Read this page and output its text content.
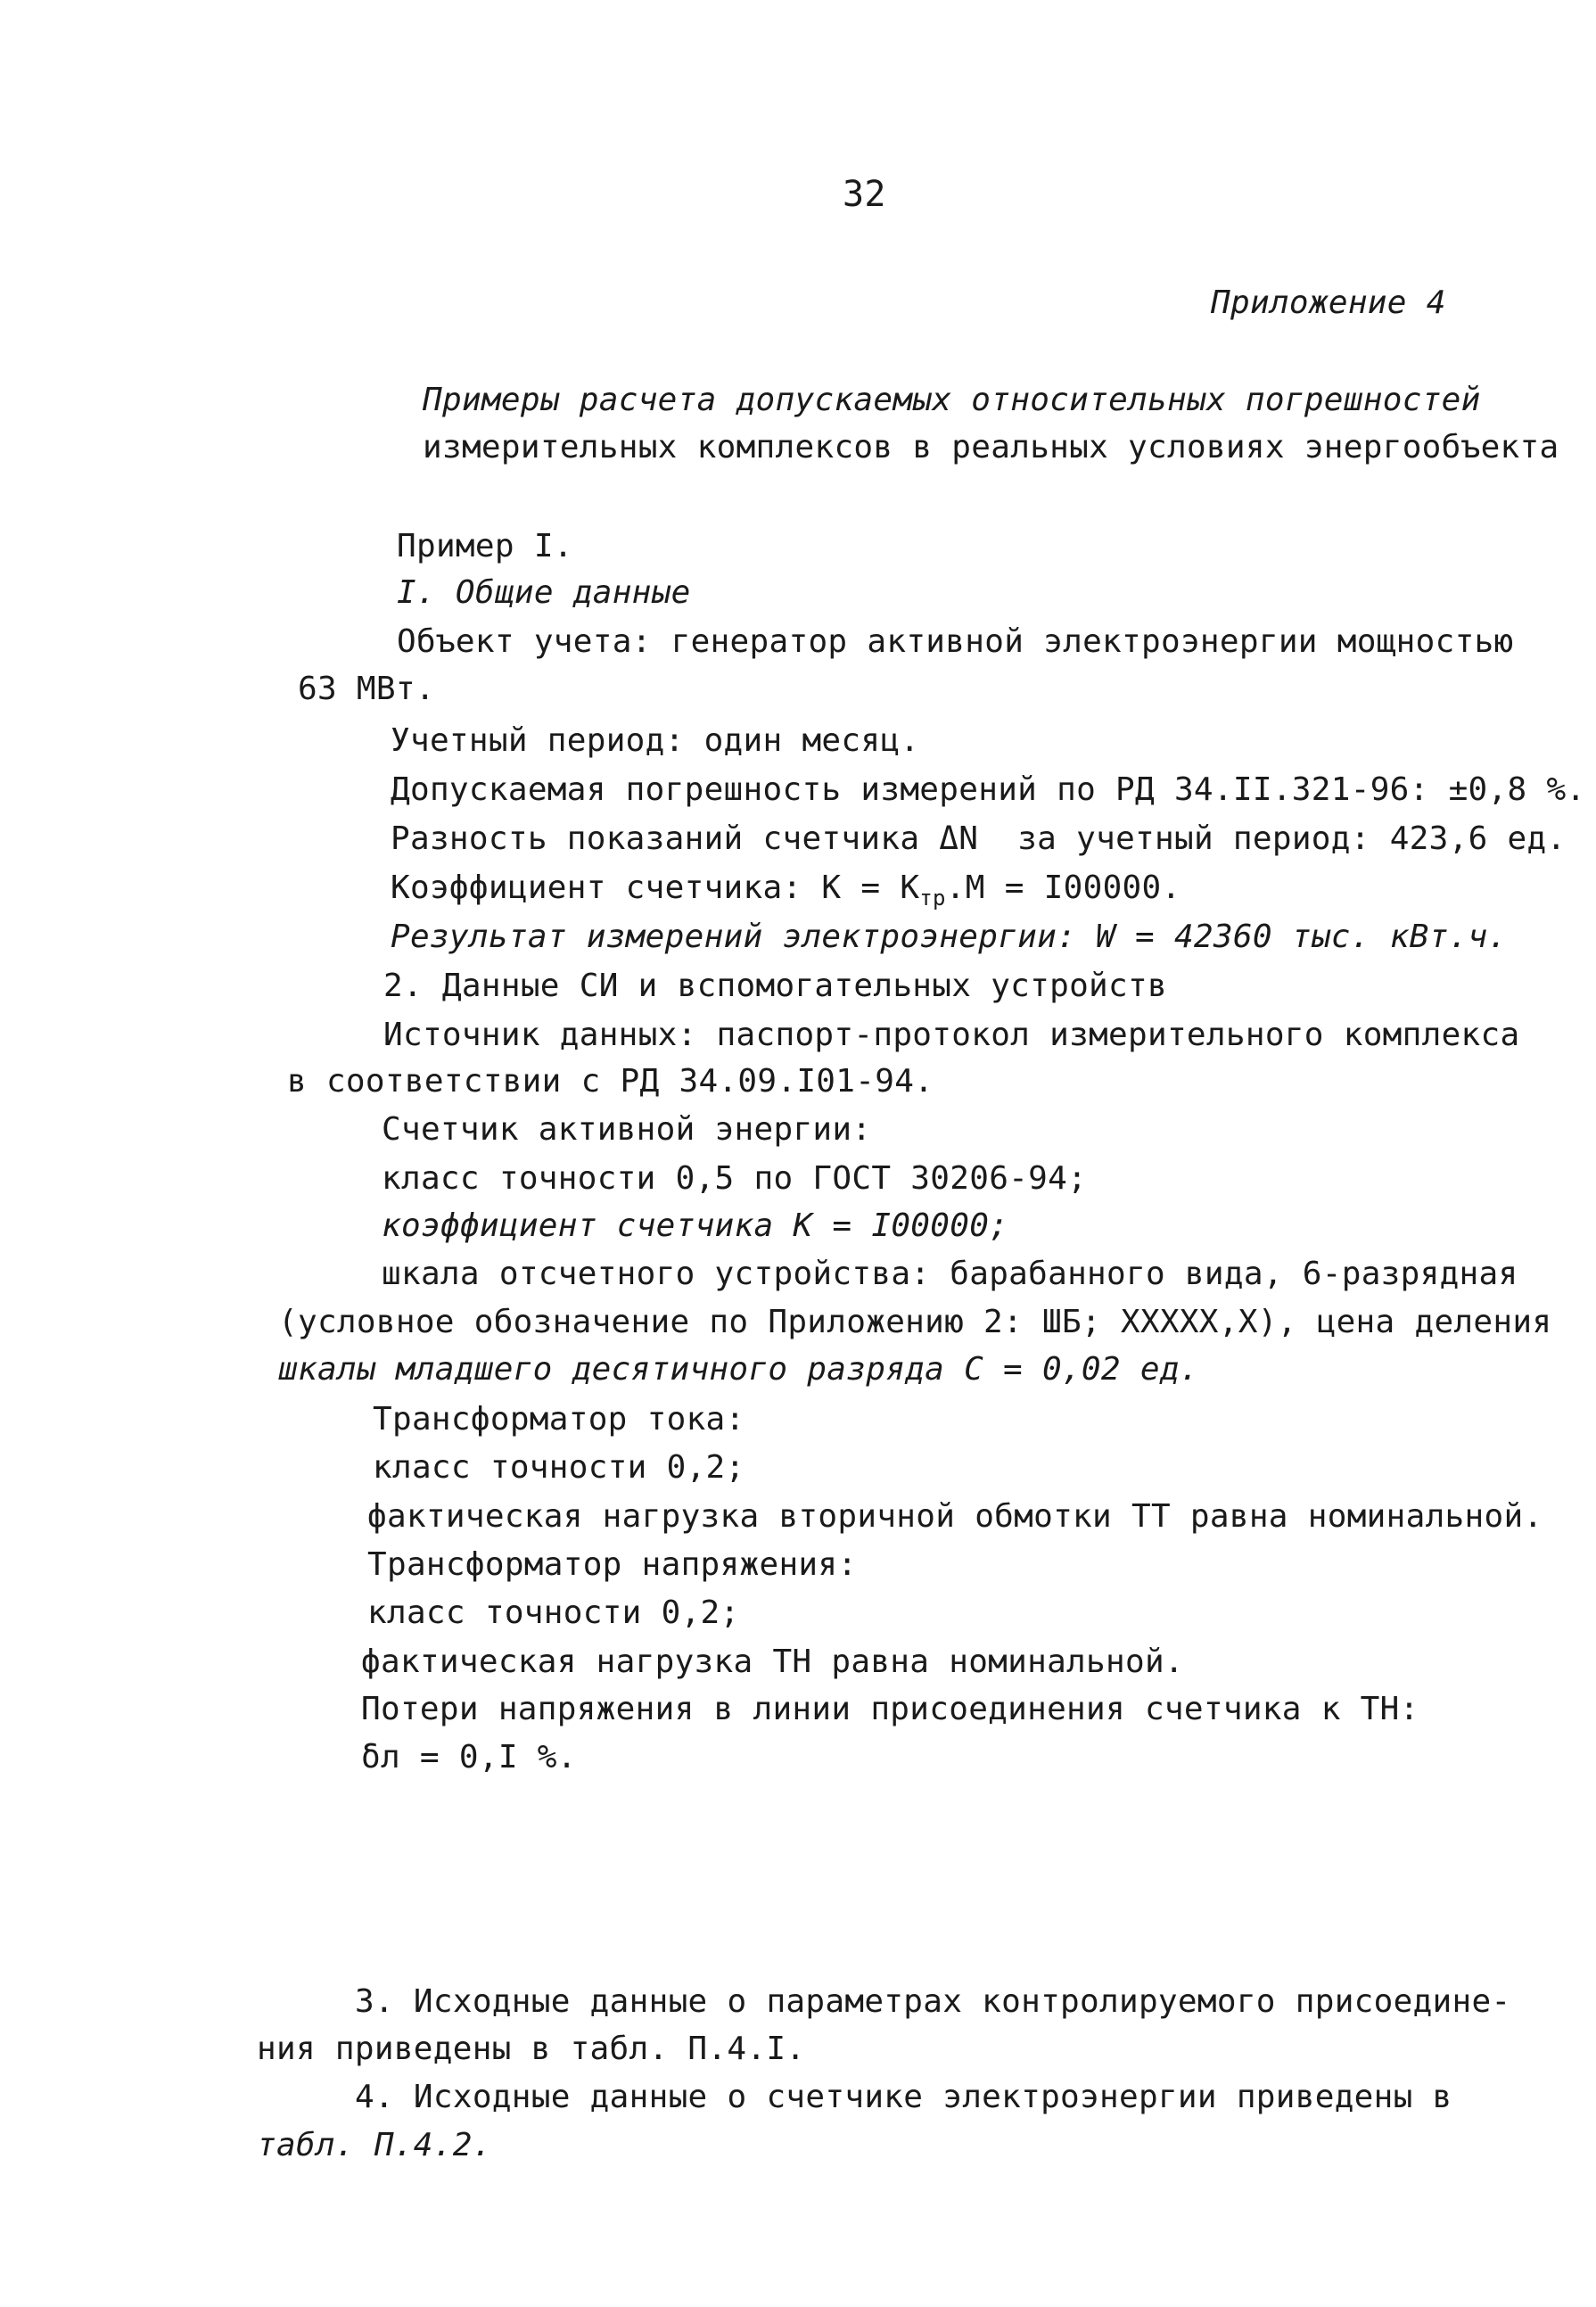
32
Приложение 4
Примеры расчета допускаемых относительных погрешностей
измерительных комплексов в реальных условиях энергообъекта
Пример I.
I. Общие данные
Объект учета: генератор активной электроэнергии мощностью
63 МВт.
Учетный период: один месяц.
Допускаемая погрешность измерений по РД 34.II.321-96: ±0,8 %.
Разность показаний счетчика ΔN за учетный период: 423,6 ед.
Коэффициент счетчика: $К = К_{тр}.М = I00000$.
Результат измерений электроэнергии: W = 42360 тыс. кВт.ч.
2. Данные СИ и вспомогательных устройств
Источник данных: паспорт-протокол измерительного комплекса
в соответствии с РД 34.09.I01-94.
Счетчик активной энергии:
класс точности 0,5 по ГОСТ 30206-94;
коэффициент счетчика К = I00000;
шкала отсчетного устройства: барабанного вида, 6-разрядная
(условное обозначение по Приложению 2: ШБ; XXXXX,X), цена деления
шкалы младшего десятичного разряда С = 0,02 ед.
Трансформатор тока:
класс точности 0,2;
фактическая нагрузка вторичной обмотки ТТ равна номинальной.
Трансформатор напряжения:
класс точности 0,2;
фактическая нагрузка ТН равна номинальной.
Потери напряжения в линии присоединения счетчика к ТН:
δл = 0,I %.
3. Исходные данные о параметрах контролируемого присоедине-
ния приведены в табл. П.4.I.
4. Исходные данные о счетчике электроэнергии приведены в
табл. П.4.2.
